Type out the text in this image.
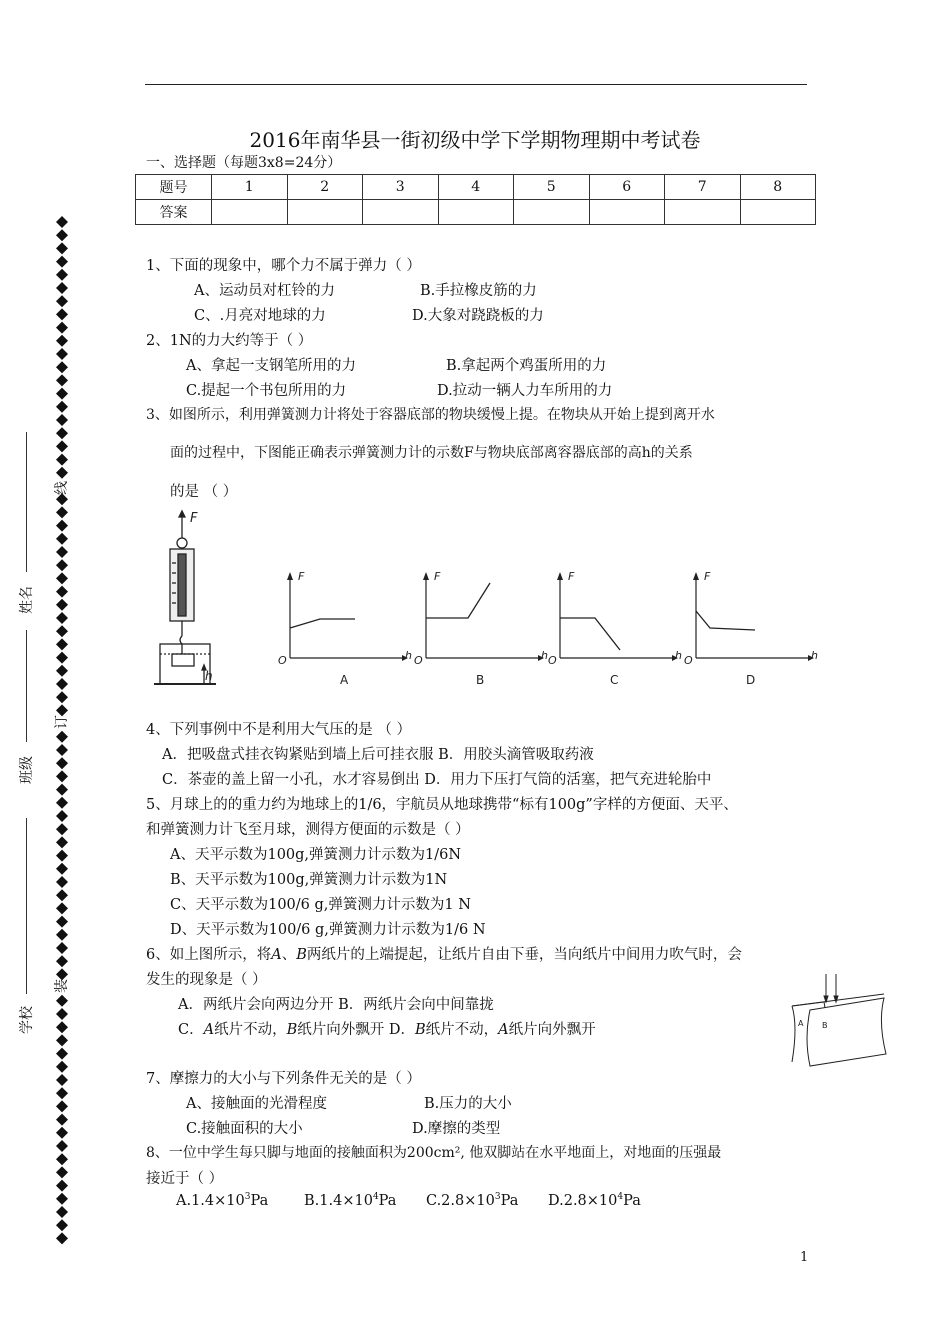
2016年南华县一街初级中学下学期物理期中考试卷
一、选择题（每题3x8=24分）
题号	1	2	3	4	5	6	7	8
答案								
线
订
装
姓名
班级
学校
1、下面的现象中，哪个力不属于弹力（ ）
A、运动员对杠铃的力	B.手拉橡皮筋的力
C、.月亮对地球的力	D.大象对跷跷板的力
2、1N的力大约等于（ ）
A、拿起一支钢笔所用的力	B.拿起两个鸡蛋所用的力
C.提起一个书包所用的力	D.拉动一辆人力车所用的力
3、如图所示，利用弹簧测力计将处于容器底部的物块缓慢上提。在物块从开始上提到离开水
面的过程中，下图能正确表示弹簧测力计的示数F与物块底部离容器底部的高h的关系
的是 （ ）
F
h
F
O	h
A
F
O	h
B
F
O	h
C
F
O	h
D
4、下列事例中不是利用大气压的是 （ ）
A．把吸盘式挂衣钩紧贴到墙上后可挂衣服 B．用胶头滴管吸取药液
C．茶壶的盖上留一小孔，水才容易倒出 D．用力下压打气筒的活塞，把气充进轮胎中
5、月球上的的重力约为地球上的1/6，宇航员从地球携带“标有100g”字样的方便面、天平、
和弹簧测力计飞至月球，测得方便面的示数是（ ）
A、天平示数为100g,弹簧测力计示数为1/6N
B、天平示数为100g,弹簧测力计示数为1N
C、天平示数为100/6 g,弹簧测力计示数为1 N
D、天平示数为100/6 g,弹簧测力计示数为1/6 N
6、如上图所示，将A、B两纸片的上端提起，让纸片自由下垂，当向纸片中间用力吹气时，会
发生的现象是（ ）
A．两纸片会向两边分开 B．两纸片会向中间靠拢
C．A纸片不动，B纸片向外飘开 D．B纸片不动，A纸片向外飘开	A B
7、摩擦力的大小与下列条件无关的是（ ）
A、接触面的光滑程度	B.压力的大小
C.接触面积的大小	D.摩擦的类型
8、一位中学生每只脚与地面的接触面积为200cm², 他双脚站在水平地面上，对地面的压强最
接近于（ ）
$A.1.4\times 10^3Pa$ $B.1.4\times 10^4Pa$ $C.2.8\times 10^3Pa$ $D.2.8\times 10^4Pa$
1
